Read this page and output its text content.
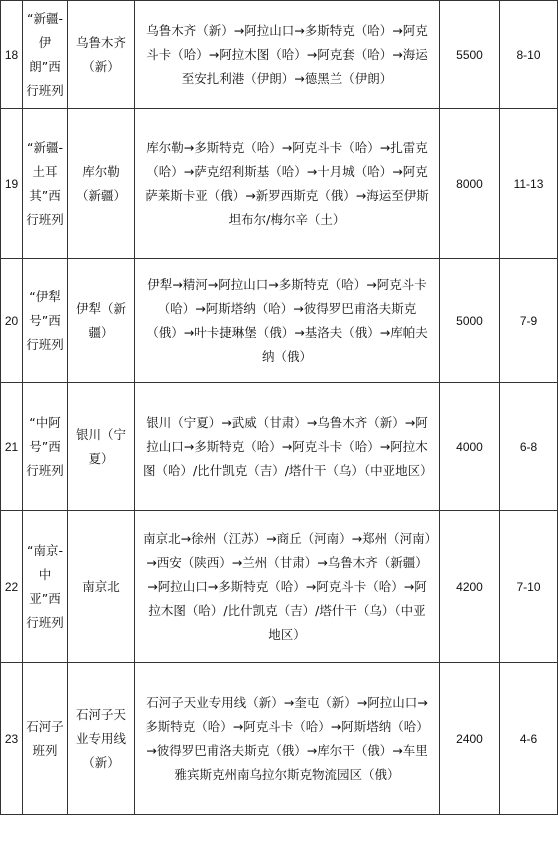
18	“新疆-伊朗”西行班列	乌鲁木齐（新）	乌鲁木齐（新）→阿拉山口→多斯特克（哈）→阿克斗卡（哈）→阿拉木图（哈）→阿克套（哈）→海运至安扎利港（伊朗）→德黑兰（伊朗）	5500	8-10
19	“新疆-土耳其”西行班列	库尔勒（新疆）	库尔勒→多斯特克（哈）→阿克斗卡（哈）→扎雷克（哈）→萨克绍利斯基（哈）→十月城（哈）→阿克萨莱斯卡亚（俄）→新罗西斯克（俄）→海运至伊斯坦布尔/梅尔辛（土）	8000	11-13
20	“伊犁号”西行班列	伊犁（新疆）	伊犁→精河→阿拉山口→多斯特克（哈）→阿克斗卡（哈）→阿斯塔纳（哈）→彼得罗巴甫洛夫斯克（俄）→叶卡捷琳堡（俄）→基洛夫（俄）→库帕夫纳（俄）	5000	7-9
21	“中阿号”西行班列	银川（宁夏）	银川（宁夏）→武威（甘肃）→乌鲁木齐（新）→阿拉山口→多斯特克（哈）→阿克斗卡（哈）→阿拉木图（哈）/比什凯克（吉）/塔什干（乌）（中亚地区）	4000	6-8
22	“南京-中亚”西行班列	南京北	南京北→徐州（江苏）→商丘（河南）→郑州（河南）→西安（陕西）→兰州（甘肃）→乌鲁木齐（新疆）→阿拉山口→多斯特克（哈）→阿克斗卡（哈）→阿拉木图（哈）/比什凯克（吉）/塔什干（乌）（中亚地区）	4200	7-10
23	石河子班列	石河子天业专用线（新）	石河子天业专用线（新）→奎屯（新）→阿拉山口→多斯特克（哈）→阿克斗卡（哈）→阿斯塔纳（哈）→彼得罗巴甫洛夫斯克（俄）→库尔干（俄）→车里雅宾斯克州南乌拉尔斯克物流园区（俄）	2400	4-6
